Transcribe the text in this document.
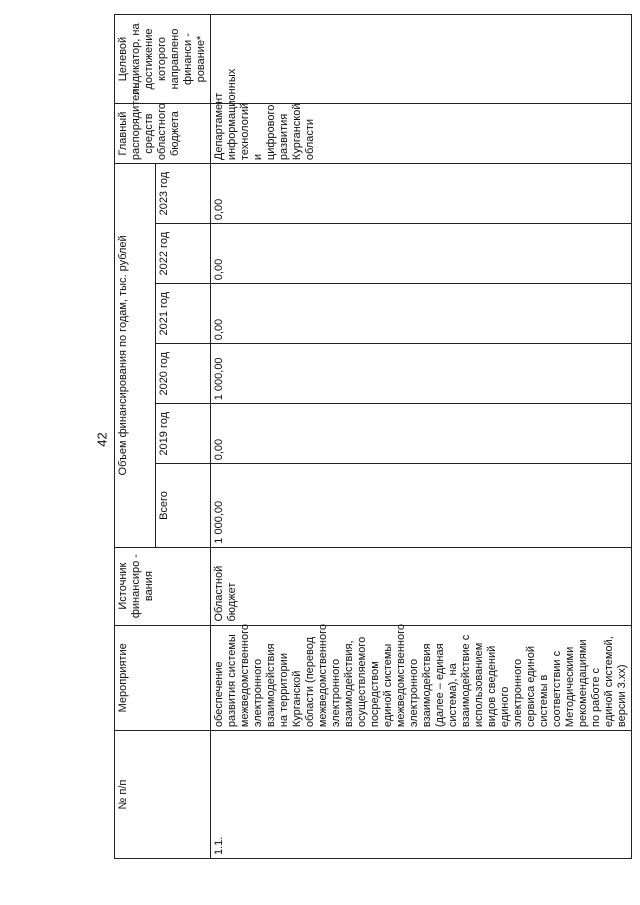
42
№ п/п	Мероприятие	Источник финансиро - вания	Объем финансирования по годам, тыс. рублей						Главный распорядитель средств областного бюджета	Целевой индикатор, на достижение которого направлено финанси - рование*
			Всего	2019 год	2020 год	2021 год	2022 год	2023 год		
1.1.	обеспечение развития системы межведомственного электронного взаимодействия на территории Курганской области (перевод межведомственного электронного взаимодействия, осуществляемого посредством единой системы межведомственного электронного взаимодействия (далее – единая система), на взаимодействие с использованием видов сведений единого электронного сервиса единой системы в соответствии с Методическими рекомендациями по работе с единой системой, версии 3.хх)	Областной бюджет	1 000,00	0,00	1 000,00	0,00	0,00	0,00	Департамент информационных технологий и цифрового развития Курганской области	
